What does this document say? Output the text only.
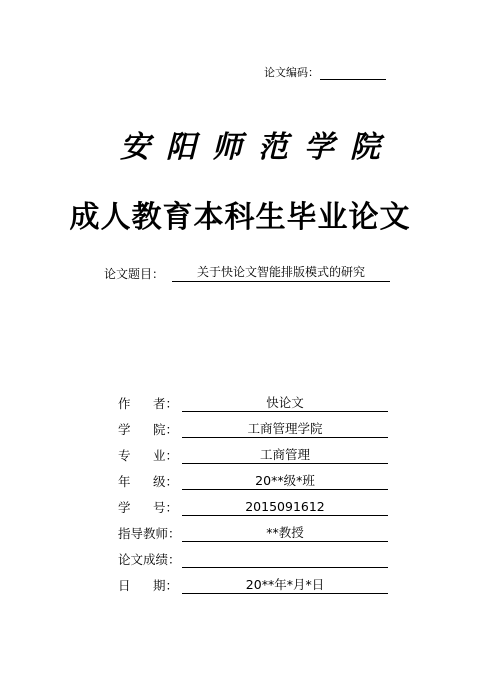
论文编码：
安阳师范学院
成人教育本科生毕业论文
论文题目：	关于快论文智能排版模式的研究
作 者：	快论文
学 院：	工商管理学院
专 业：	工商管理
年 级：	20**级*班
学 号：	2015091612
指导教师：	**教授
论文成绩：
日 期：	20**年*月*日
